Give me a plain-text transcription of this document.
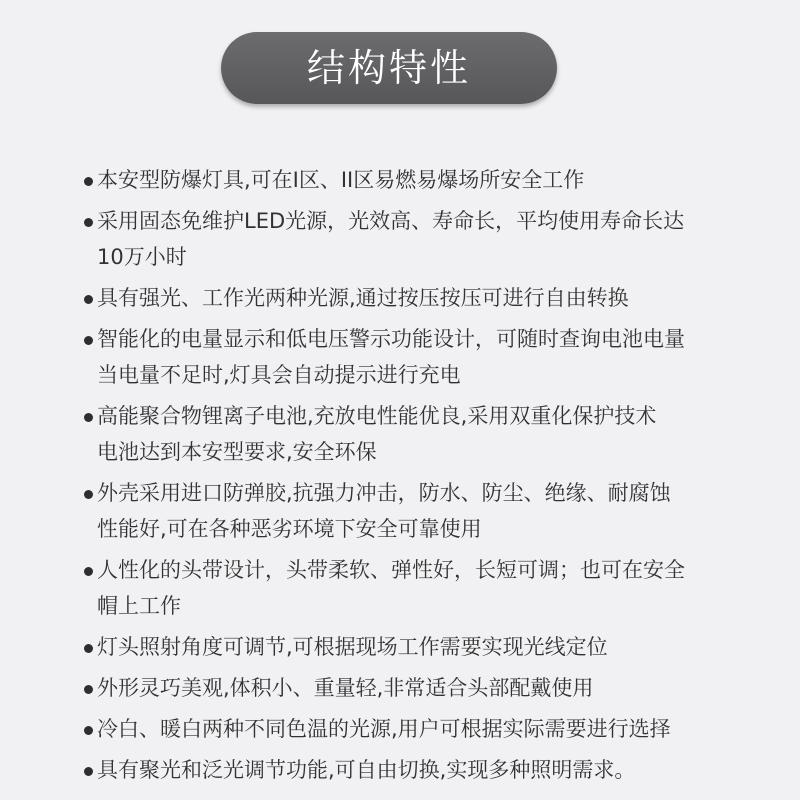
结构特性
本安型防爆灯具,可在I区、II区易燃易爆场所安全工作
采用固态免维护LED光源，光效高、寿命长，平均使用寿命长达
10万小时
具有强光、工作光两种光源,通过按压按压可进行自由转换
智能化的电量显示和低电压警示功能设计，可随时查询电池电量
当电量不足时,灯具会自动提示进行充电
高能聚合物锂离子电池,充放电性能优良,采用双重化保护技术
电池达到本安型要求,安全环保
外壳采用进口防弹胶,抗强力冲击，防水、防尘、绝缘、耐腐蚀
性能好,可在各种恶劣环境下安全可靠使用
人性化的头带设计，头带柔软、弹性好，长短可调；也可在安全
帽上工作
灯头照射角度可调节,可根据现场工作需要实现光线定位
外形灵巧美观,体积小、重量轻,非常适合头部配戴使用
冷白、暖白两种不同色温的光源,用户可根据实际需要进行选择
具有聚光和泛光调节功能,可自由切换,实现多种照明需求。
